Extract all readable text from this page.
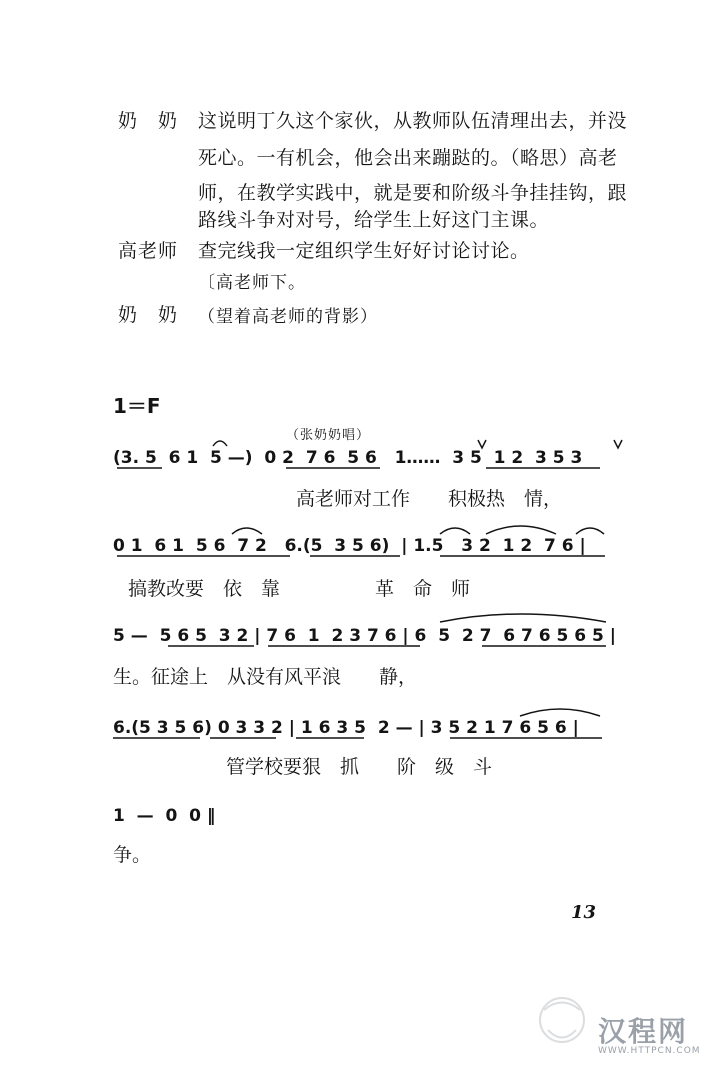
奶　奶 这说明丁久这个家伙，从教师队伍清理出去，并没
死心。一有机会，他会出来蹦跶的。（略思）高老
师，在教学实践中，就是要和阶级斗争挂挂钩，跟
路线斗争对对号，给学生上好这门主课。
高老师 查完线我一定组织学生好好讨论讨论。
〔高老师下。
奶　奶 （望着高老师的背影）
1＝F
（张奶奶唱）
(3. 5  6 1  5 —)  0 2  7 6  5 6   1……  3 5  1 2  3 5 3
高老师对工作　　积极热　情，
0 1  6 1  5 6  7 2   6.(5  3 5 6)  | 1.5   3 2  1 2  7 6 |
搞教改要　依　靠　　　　　革　命　师
5 —  5 6 5  3 2 | 7 6  1  2 3 7 6 | 6  5  2 7  6 7 6 5 6 5 |
生。征途上　从没有风平浪　　静，
6.(5 3 5 6) 0 3 3 2 | 1 6 3 5  2 — | 3 5 2 1 7 6 5 6 |
管学校要狠　抓　　阶　级　斗
1  —  0  0 ‖
争。
13
汉程网
WWW.HTTPCN.COM
